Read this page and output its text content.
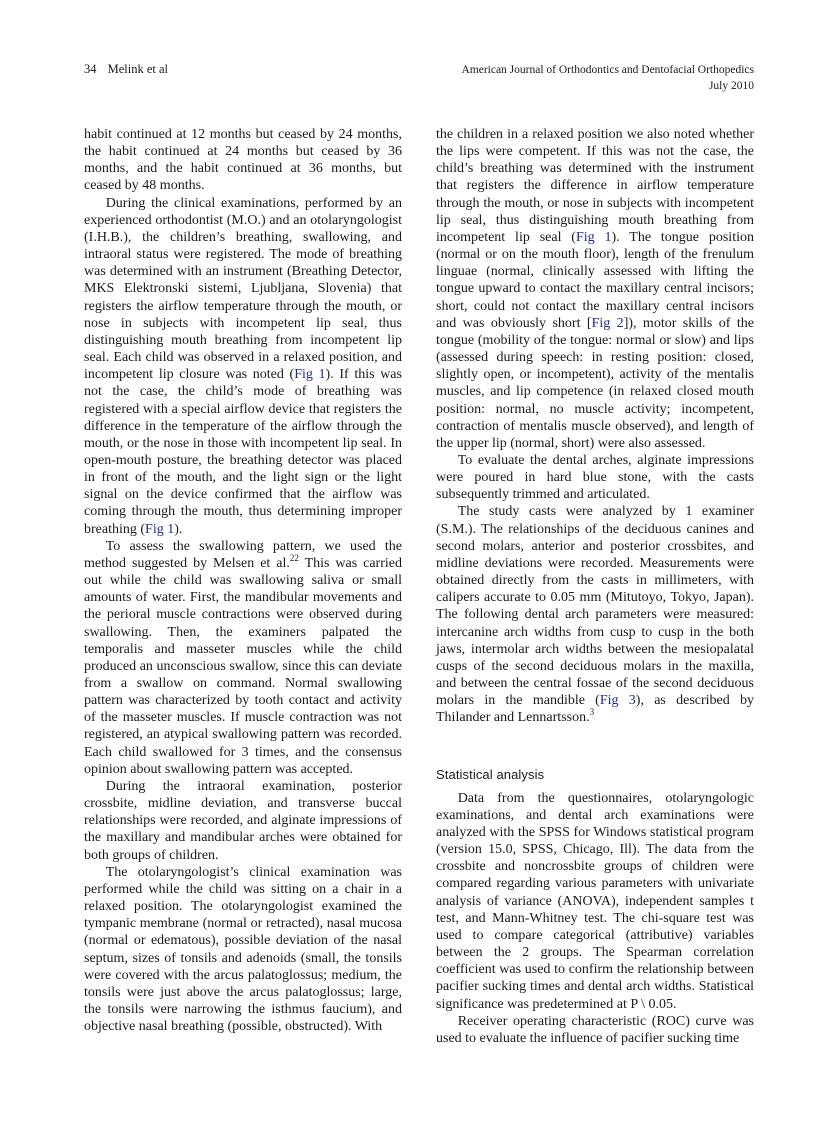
34 Melink et al	American Journal of Orthodontics and Dentofacial Orthopedics
July 2010

habit continued at 12 months but ceased by 24 months, the habit continued at 24 months but ceased by 36 months, and the habit continued at 36 months, but ceased by 48 months.

During the clinical examinations, performed by an experienced orthodontist (M.O.) and an otolaryngologist (I.H.B.), the children’s breathing, swallowing, and intraoral status were registered. The mode of breathing was determined with an instrument (Breathing Detector, MKS Elektronski sistemi, Ljubljana, Slovenia) that registers the airflow temperature through the mouth, or nose in subjects with incompetent lip seal, thus distinguishing mouth breathing from incompetent lip seal. Each child was observed in a relaxed position, and incompetent lip closure was noted (Fig 1). If this was not the case, the child’s mode of breathing was registered with a special airflow device that registers the difference in the temperature of the airflow through the mouth, or the nose in those with incompetent lip seal. In open-mouth posture, the breathing detector was placed in front of the mouth, and the light sign or the light signal on the device confirmed that the airflow was coming through the mouth, thus determining improper breathing (Fig 1).

To assess the swallowing pattern, we used the method suggested by Melsen et al.$^{22}$ This was carried out while the child was swallowing saliva or small amounts of water. First, the mandibular movements and the perioral muscle contractions were observed during swallowing. Then, the examiners palpated the temporalis and masseter muscles while the child produced an unconscious swallow, since this can deviate from a swallow on command. Normal swallowing pattern was characterized by tooth contact and activity of the masseter muscles. If muscle contraction was not registered, an atypical swallowing pattern was recorded. Each child swallowed for 3 times, and the consensus opinion about swallowing pattern was accepted.

During the intraoral examination, posterior crossbite, midline deviation, and transverse buccal relationships were recorded, and alginate impressions of the maxillary and mandibular arches were obtained for both groups of children.

The otolaryngologist’s clinical examination was performed while the child was sitting on a chair in a relaxed position. The otolaryngologist examined the tympanic membrane (normal or retracted), nasal mucosa (normal or edematous), possible deviation of the nasal septum, sizes of tonsils and adenoids (small, the tonsils were covered with the arcus palatoglossus; medium, the tonsils were just above the arcus palatoglossus; large, the tonsils were narrowing the isthmus faucium), and objective nasal breathing (possible, obstructed). With

the children in a relaxed position we also noted whether the lips were competent. If this was not the case, the child’s breathing was determined with the instrument that registers the difference in airflow temperature through the mouth, or nose in subjects with incompetent lip seal, thus distinguishing mouth breathing from incompetent lip seal (Fig 1). The tongue position (normal or on the mouth floor), length of the frenulum linguae (normal, clinically assessed with lifting the tongue upward to contact the maxillary central incisors; short, could not contact the maxillary central incisors and was obviously short [Fig 2]), motor skills of the tongue (mobility of the tongue: normal or slow) and lips (assessed during speech: in resting position: closed, slightly open, or incompetent), activity of the mentalis muscles, and lip competence (in relaxed closed mouth position: normal, no muscle activity; incompetent, contraction of mentalis muscle observed), and length of the upper lip (normal, short) were also assessed.

To evaluate the dental arches, alginate impressions were poured in hard blue stone, with the casts subsequently trimmed and articulated.

The study casts were analyzed by 1 examiner (S.M.). The relationships of the deciduous canines and second molars, anterior and posterior crossbites, and midline deviations were recorded. Measurements were obtained directly from the casts in millimeters, with calipers accurate to 0.05 mm (Mitutoyo, Tokyo, Japan). The following dental arch parameters were measured: intercanine arch widths from cusp to cusp in the both jaws, intermolar arch widths between the mesiopalatal cusps of the second deciduous molars in the maxilla, and between the central fossae of the second deciduous molars in the mandible (Fig 3), as described by Thilander and Lennartsson.$^3$

Statistical analysis

Data from the questionnaires, otolaryngologic examinations, and dental arch examinations were analyzed with the SPSS for Windows statistical program (version 15.0, SPSS, Chicago, Ill). The data from the crossbite and noncrossbite groups of children were compared regarding various parameters with univariate analysis of variance (ANOVA), independent samples t test, and Mann-Whitney test. The chi-square test was used to compare categorical (attributive) variables between the 2 groups. The Spearman correlation coefficient was used to confirm the relationship between pacifier sucking times and dental arch widths. Statistical significance was predetermined at P \ 0.05.

Receiver operating characteristic (ROC) curve was used to evaluate the influence of pacifier sucking time
